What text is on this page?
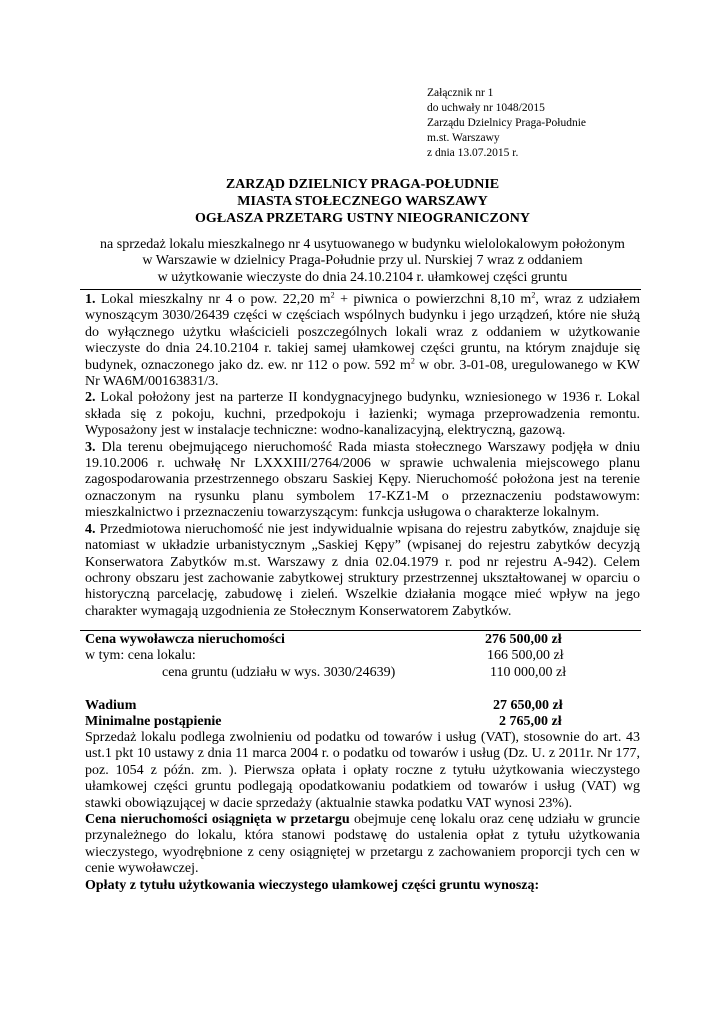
Załącznik nr 1
do uchwały nr 1048/2015
Zarządu Dzielnicy Praga-Południe
m.st. Warszawy
z dnia 13.07.2015 r.
ZARZĄD DZIELNICY PRAGA-POŁUDNIE
MIASTA STOŁECZNEGO WARSZAWY
OGŁASZA PRZETARG USTNY NIEOGRANICZONY
na sprzedaż lokalu mieszkalnego nr 4 usytuowanego w budynku wielolokalowym położonym
w Warszawie w dzielnicy Praga-Południe przy ul. Nurskiej 7 wraz z oddaniem
w użytkowanie wieczyste do dnia 24.10.2104 r. ułamkowej części gruntu

1. Lokal mieszkalny nr 4 o pow. 22,20 $m^2$ + piwnica o powierzchni 8,10 $m^2$, wraz z udziałem wynoszącym 3030/26439 części w częściach wspólnych budynku i jego urządzeń, które nie służą do wyłącznego użytku właścicieli poszczególnych lokali wraz z oddaniem w użytkowanie wieczyste do dnia 24.10.2104 r. takiej samej ułamkowej części gruntu, na którym znajduje się budynek, oznaczonego jako dz. ew. nr 112 o pow. 592 $m^2$ w obr. 3-01-08, uregulowanego w KW Nr WA6M/00163831/3.

2. Lokal położony jest na parterze II kondygnacyjnego budynku, wzniesionego w 1936 r. Lokal składa się z pokoju, kuchni, przedpokoju i łazienki; wymaga przeprowadzenia remontu. Wyposażony jest w instalacje techniczne: wodno-kanalizacyjną, elektryczną, gazową.

3. Dla terenu obejmującego nieruchomość Rada miasta stołecznego Warszawy podjęła w dniu 19.10.2006 r. uchwałę Nr LXXXIII/2764/2006 w sprawie uchwalenia miejscowego planu zagospodarowania przestrzennego obszaru Saskiej Kępy. Nieruchomość położona jest na terenie oznaczonym na rysunku planu symbolem 17-KZ1-M o przeznaczeniu podstawowym: mieszkalnictwo i przeznaczeniu towarzyszącym: funkcja usługowa o charakterze lokalnym.

4. Przedmiotowa nieruchomość nie jest indywidualnie wpisana do rejestru zabytków, znajduje się natomiast w układzie urbanistycznym „Saskiej Kępy” (wpisanej do rejestru zabytków decyzją Konserwatora Zabytków m.st. Warszawy z dnia 02.04.1979 r. pod nr rejestru A-942). Celem ochrony obszaru jest zachowanie zabytkowej struktury przestrzennej ukształtowanej w oparciu o historyczną parcelację, zabudowę i zieleń. Wszelkie działania mogące mieć wpływ na jego charakter wymagają uzgodnienia ze Stołecznym Konserwatorem Zabytków.

Cena wywoławcza nieruchomości	276 500,00 zł
w tym: cena lokalu:	166 500,00 zł
cena gruntu (udziału w wys. 3030/24639)	110 000,00 zł
Wadium	27 650,00 zł
Minimalne postąpienie	2 765,00 zł

Sprzedaż lokalu podlega zwolnieniu od podatku od towarów i usług (VAT), stosownie do art. 43 ust.1 pkt 10 ustawy z dnia 11 marca 2004 r. o podatku od towarów i usług (Dz. U. z 2011r. Nr 177, poz. 1054 z późn. zm. ). Pierwsza opłata i opłaty roczne z tytułu użytkowania wieczystego ułamkowej części gruntu podlegają opodatkowaniu podatkiem od towarów i usług (VAT) wg stawki obowiązującej w dacie sprzedaży (aktualnie stawka podatku VAT wynosi 23%).

Cena nieruchomości osiągnięta w przetargu obejmuje cenę lokalu oraz cenę udziału w gruncie przynależnego do lokalu, która stanowi podstawę do ustalenia opłat z tytułu użytkowania wieczystego, wyodrębnione z ceny osiągniętej w przetargu z zachowaniem proporcji tych cen w cenie wywoławczej.

Opłaty z tytułu użytkowania wieczystego ułamkowej części gruntu wynoszą:
